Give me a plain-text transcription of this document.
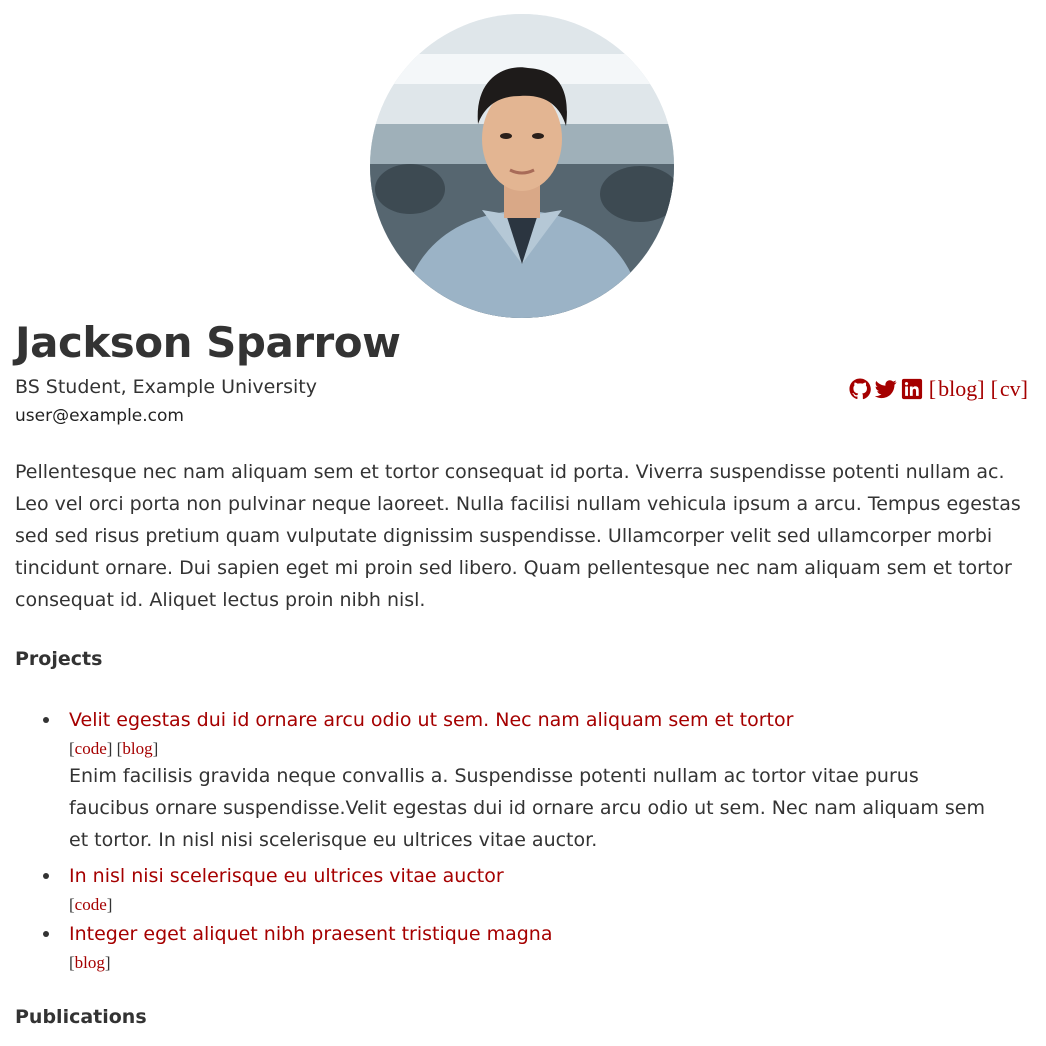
Jackson Sparrow
BS Student, Example University
user@example.com
[blog] [cv]

Pellentesque nec nam aliquam sem et tortor consequat id porta. Viverra suspendisse potenti nullam ac. Leo vel orci porta non pulvinar neque laoreet. Nulla facilisi nullam vehicula ipsum a arcu. Tempus egestas sed sed risus pretium quam vulputate dignissim suspendisse. Ullamcorper velit sed ullamcorper morbi tincidunt ornare. Dui sapien eget mi proin sed libero. Quam pellentesque nec nam aliquam sem et tortor consequat id. Aliquet lectus proin nibh nisl.

Projects
Velit egestas dui id ornare arcu odio ut sem. Nec nam aliquam sem et tortor
[code] [blog]
Enim facilisis gravida neque convallis a. Suspendisse potenti nullam ac tortor vitae purus faucibus ornare suspendisse.Velit egestas dui id ornare arcu odio ut sem. Nec nam aliquam sem et tortor. In nisl nisi scelerisque eu ultrices vitae auctor.
In nisl nisi scelerisque eu ultrices vitae auctor
[code]
Integer eget aliquet nibh praesent tristique magna
[blog]
Publications
